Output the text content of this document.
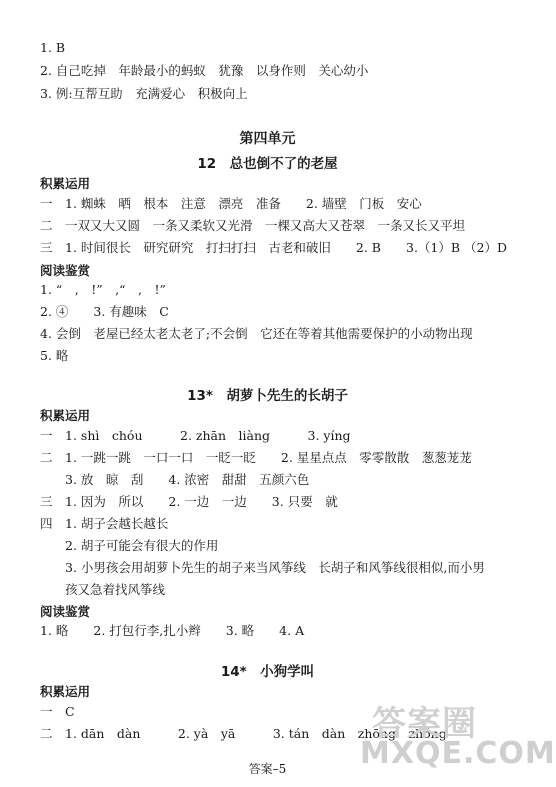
1. B
2. 自己吃掉　年龄最小的蚂蚁　犹豫　以身作则　关心幼小
3. 例:互帮互助　充满爱心　积极向上
第四单元
12　总也倒不了的老屋
积累运用
一　1. 蜘蛛　晒　根本　注意　漂亮　准备　　2. 墙壁　门板　安心
二　一双又大又圆　一条又柔软又光滑　一棵又高大又苍翠　一条又长又平坦
三　1. 时间很长　研究研究　打扫打扫　古老和破旧　　2. B　　3.（1）B （2）D
阅读鉴赏
1. “　,　!”　,“　,　!”
2. ④　　3. 有趣味　C
4. 会倒　老屋已经太老太老了;不会倒　它还在等着其他需要保护的小动物出现
5. 略
13*　胡萝卜先生的长胡子
积累运用
一　1. shì　chóu　　　2. zhān　liàng　　　3. yíng
二　1. 一跳一跳　一口一口　一眨一眨　　2. 星星点点　零零散散　葱葱茏茏
　　3. 放　晾　刮　　4. 浓密　甜甜　五颜六色
三　1. 因为　所以　　2. 一边　一边　　3. 只要　就
四　1. 胡子会越长越长
　　2. 胡子可能会有很大的作用
　　3. 小男孩会用胡萝卜先生的胡子来当风筝线　长胡子和风筝线很相似,而小男
　　孩又急着找风筝线
阅读鉴赏
1. 略　　2. 打包行李,扎小辫　　3. 略　　4. A
14*　小狗学叫
积累运用
一　C
二　1. dān　dàn　　　2. yà　yā　　　3. tán　dàn　zhōng　zhǒng
答案圈
MXQE.COM
答案–5
